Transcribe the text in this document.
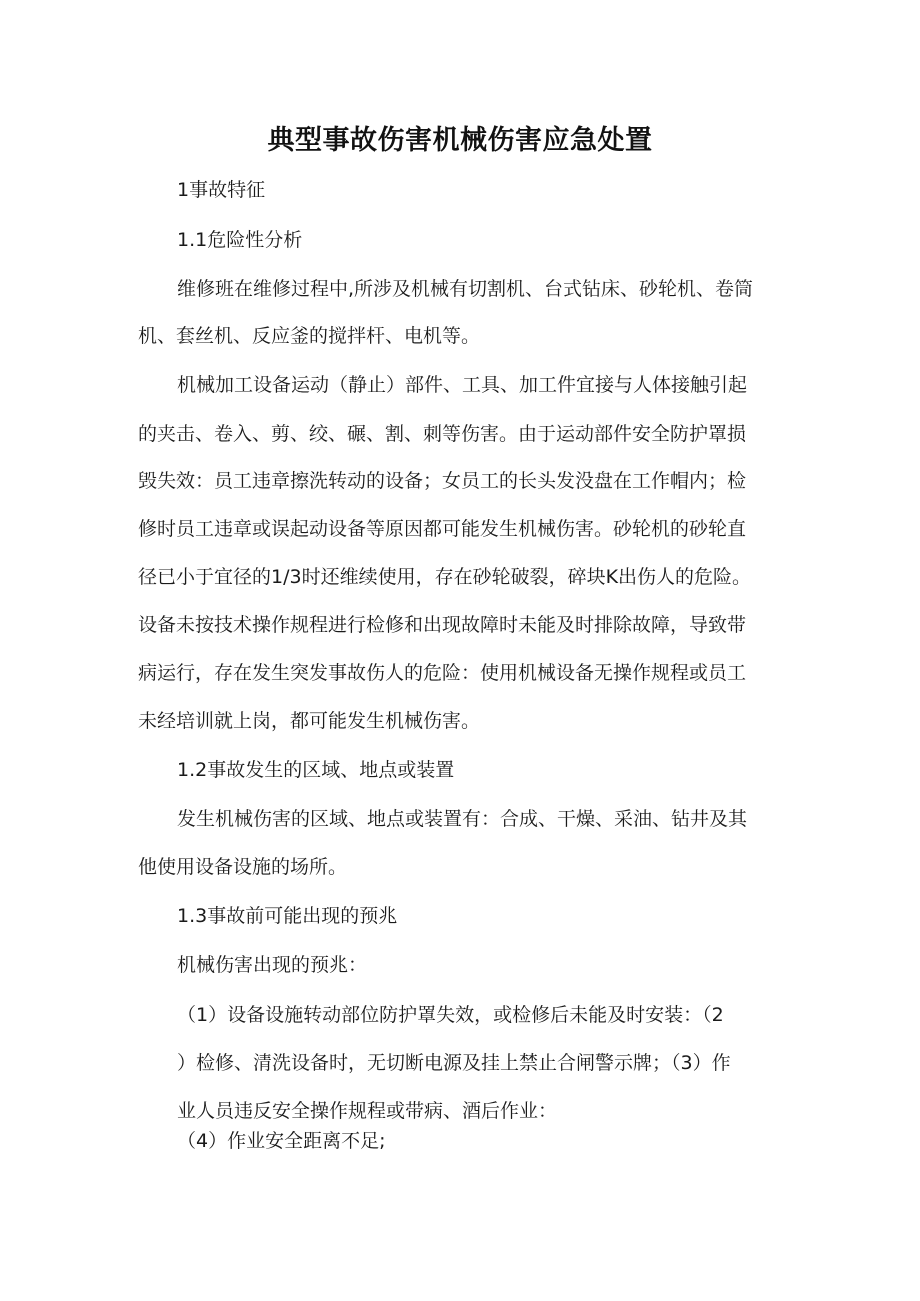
典型事故伤害机械伤害应急处置
1事故特征
1.1危险性分析
维修班在维修过程中,所涉及机械有切割机、台式钻床、砂轮机、卷筒
机、套丝机、反应釜的搅拌杆、电机等。
机械加工设备运动（静止）部件、工具、加工件宜接与人体接触引起
的夹击、卷入、剪、绞、碾、割、刺等伤害。由于运动部件安全防护罩损
毁失效：员工违章擦洗转动的设备；女员工的长头发没盘在工作帽内；检
修时员工违章或误起动设备等原因都可能发生机械伤害。砂轮机的砂轮直
径已小于宜径的1/3时还维续使用，存在砂轮破裂，碎块K出伤人的危险。
设备未按技术操作规程进行检修和出现故障时未能及时排除故障，导致带
病运行，存在发生突发事故伤人的危险：使用机械设备无操作规程或员工
未经培训就上岗，都可能发生机械伤害。
1.2事故发生的区域、地点或装置
发生机械伤害的区域、地点或装置有：合成、干燥、采油、钻井及其
他使用设备设施的场所。
1.3事故前可能出现的预兆
机械伤害出现的预兆：
（1）设备设施转动部位防护罩失效，或检修后未能及时安装：（2
）检修、清洗设备时，无切断电源及挂上禁止合闸警示牌；（3）作
业人员违反安全操作规程或带病、酒后作业：
（4）作业安全距离不足;
